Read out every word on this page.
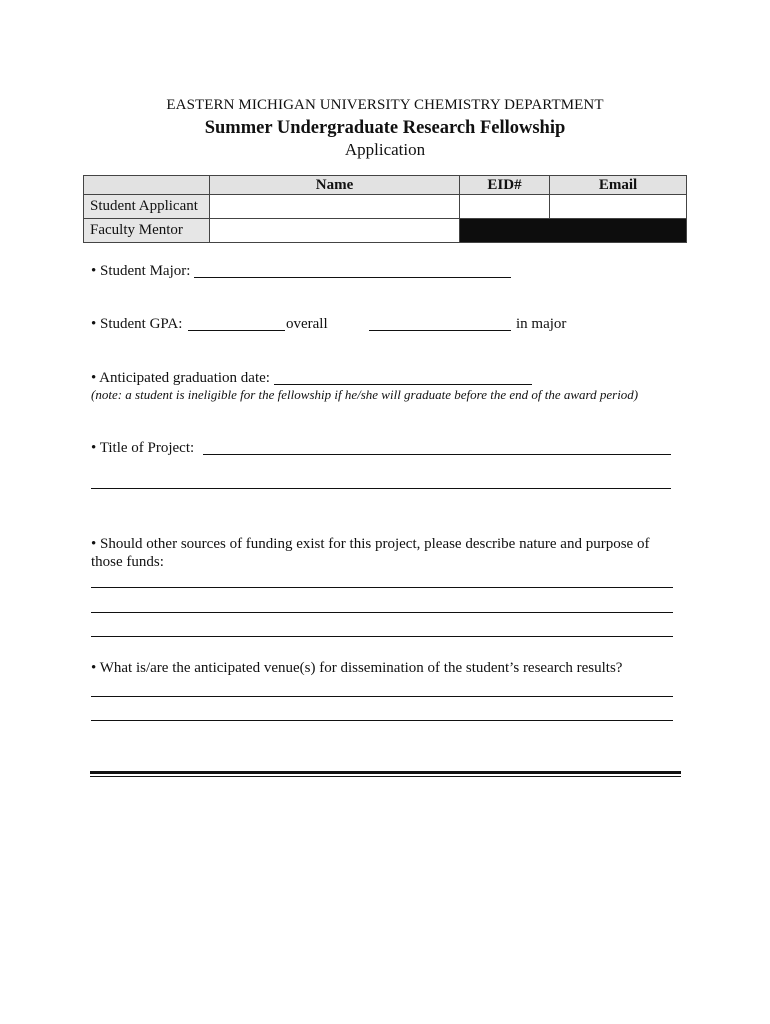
EASTERN MICHIGAN UNIVERSITY CHEMISTRY DEPARTMENT
Summer Undergraduate Research Fellowship
Application
	Name	EID#	Email
Student Applicant			
Faculty Mentor			
• Student Major:
• Student GPA:	overall	in major
• Anticipated graduation date:
(note: a student is ineligible for the fellowship if he/she will graduate before the end of the award period)
• Title of Project:
• Should other sources of funding exist for this project, please describe nature and purpose of those funds:
• What is/are the anticipated venue(s) for dissemination of the student’s research results?
